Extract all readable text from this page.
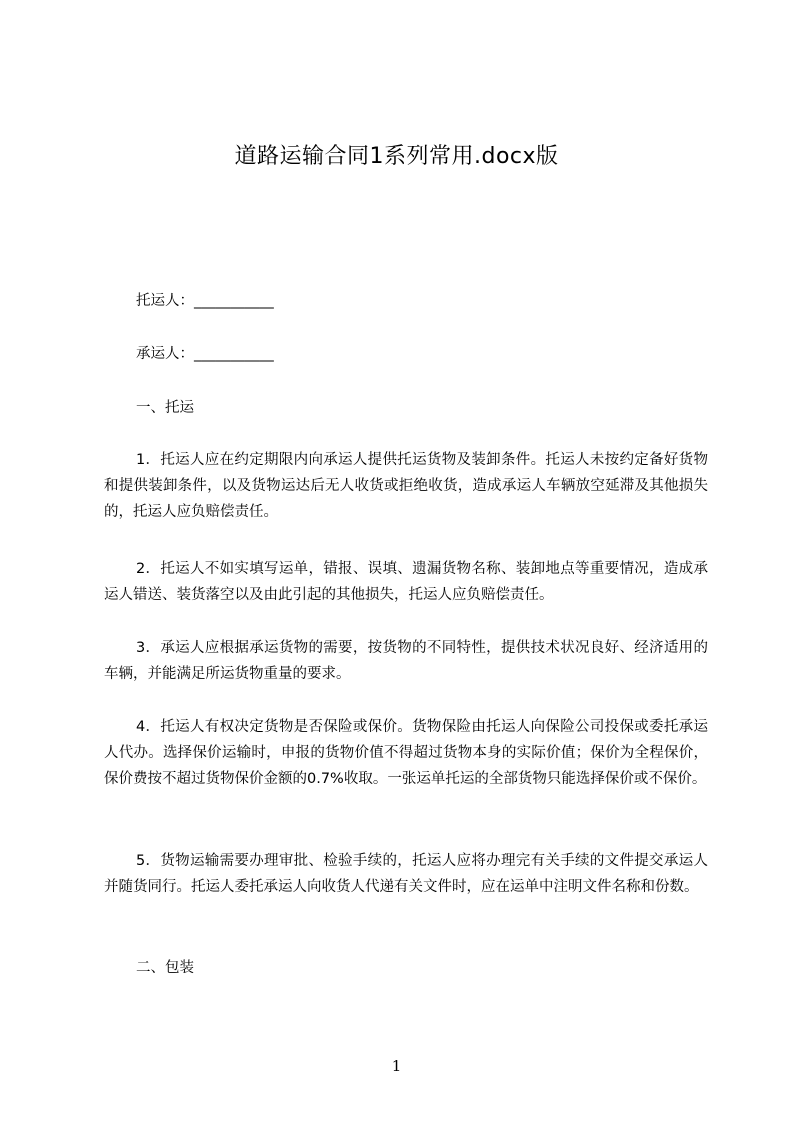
道路运输合同1系列常用.docx版
托运人：___________
承运人：___________
一、托运
1．托运人应在约定期限内向承运人提供托运货物及装卸条件。托运人未按约定备好货物和提供装卸条件，以及货物运达后无人收货或拒绝收货，造成承运人车辆放空延滞及其他损失的，托运人应负赔偿责任。
2．托运人不如实填写运单，错报、误填、遗漏货物名称、装卸地点等重要情况，造成承运人错送、装货落空以及由此引起的其他损失，托运人应负赔偿责任。
3．承运人应根据承运货物的需要，按货物的不同特性，提供技术状况良好、经济适用的车辆，并能满足所运货物重量的要求。
4．托运人有权决定货物是否保险或保价。货物保险由托运人向保险公司投保或委托承运人代办。选择保价运输时，申报的货物价值不得超过货物本身的实际价值；保价为全程保价，保价费按不超过货物保价金额的0.7%收取。一张运单托运的全部货物只能选择保价或不保价。
5．货物运输需要办理审批、检验手续的，托运人应将办理完有关手续的文件提交承运人并随货同行。托运人委托承运人向收货人代递有关文件时，应在运单中注明文件名称和份数。
二、包装
1
